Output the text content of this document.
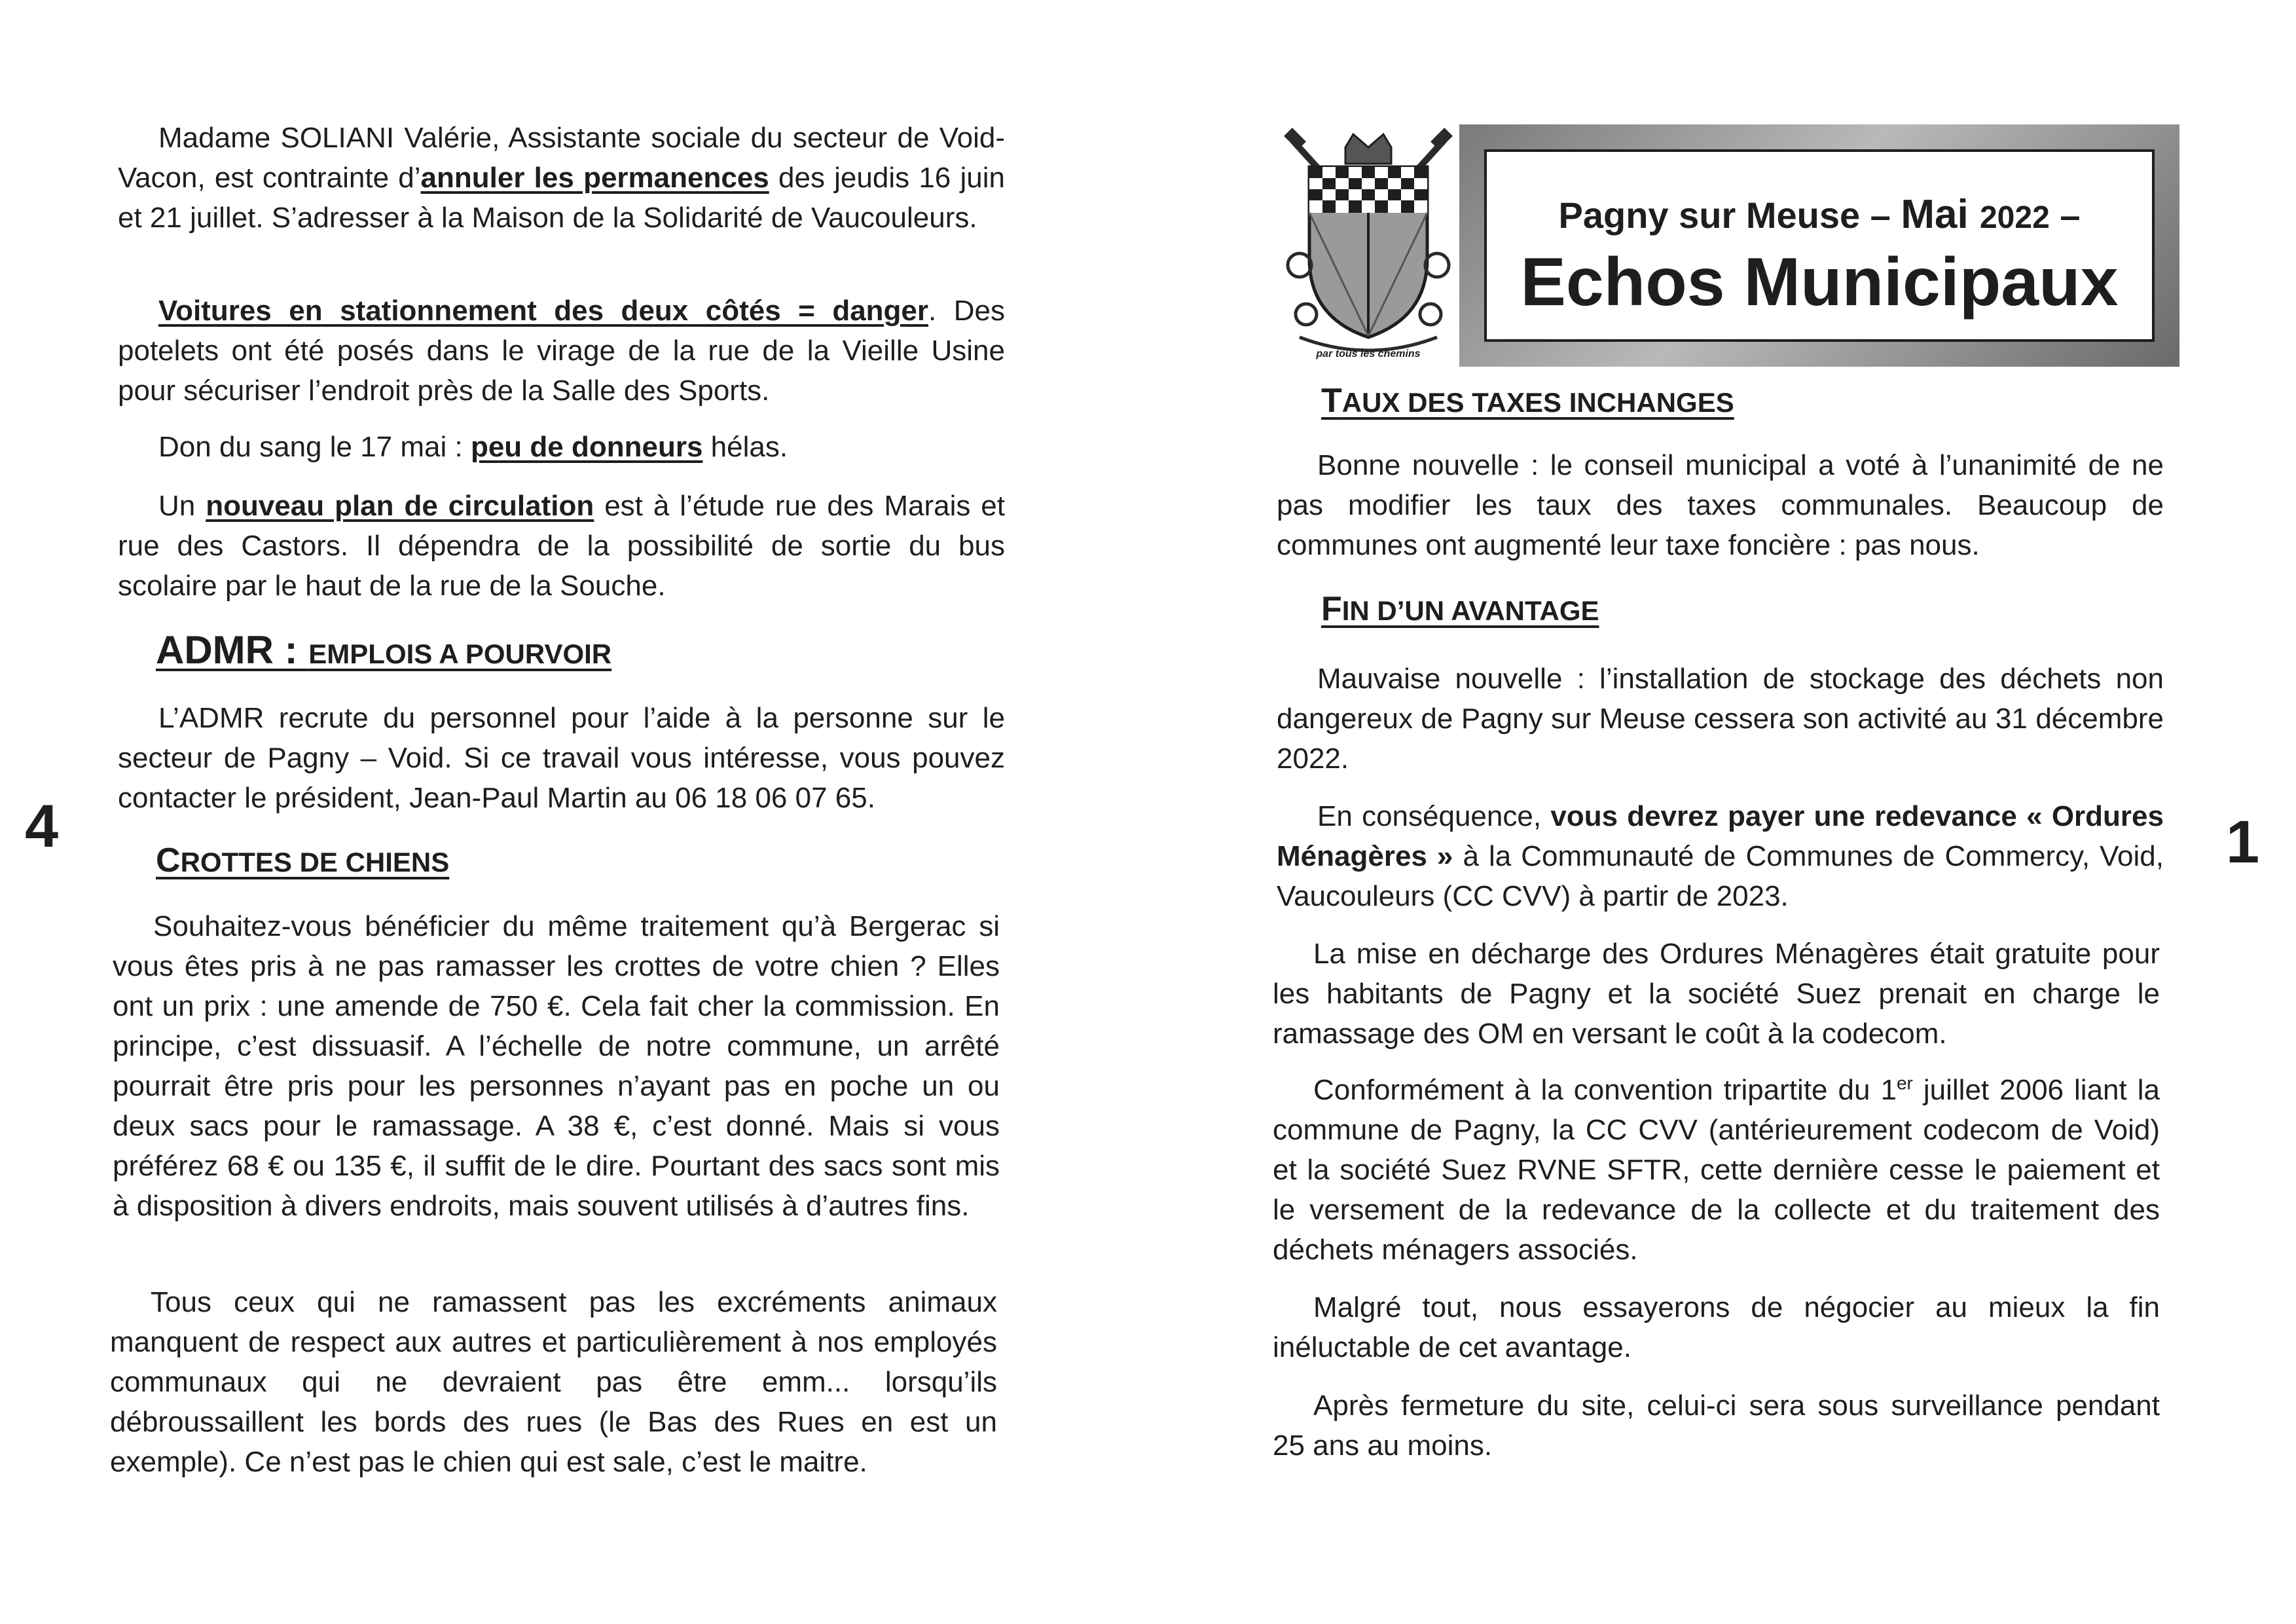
Madame SOLIANI Valérie, Assistante sociale du secteur de Void-Vacon, est contrainte d’annuler les permanences des jeudis 16 juin et 21 juillet. S’adresser à la Maison de la Solidarité de Vaucouleurs.

Voitures en stationnement des deux côtés = danger. Des potelets ont été posés dans le virage de la rue de la Vieille Usine pour sécuriser l’endroit près de la Salle des Sports.

Don du sang le 17 mai : peu de donneurs hélas.

Un nouveau plan de circulation est à l’étude rue des Marais et rue des Castors. Il dépendra de la possibilité de sortie du bus scolaire par le haut de la rue de la Souche.

ADMR : EMPLOIS A POURVOIR

L’ADMR recrute du personnel pour l’aide à la personne sur le secteur de Pagny – Void. Si ce travail vous intéresse, vous pouvez contacter le président, Jean-Paul Martin au 06 18 06 07 65.

4
CROTTES DE CHIENS

Souhaitez-vous bénéficier du même traitement qu’à Bergerac si vous êtes pris à ne pas ramasser les crottes de votre chien ? Elles ont un prix : une amende de 750 €. Cela fait cher la commission. En principe, c’est dissuasif. A l’échelle de notre commune, un arrêté pourrait être pris pour les personnes n’ayant pas en poche un ou deux sacs pour le ramassage. A 38 €, c’est donné. Mais si vous préférez 68 € ou 135 €, il suffit de le dire. Pourtant des sacs sont mis à disposition à divers endroits, mais souvent utilisés à d’autres fins.

Tous ceux qui ne ramassent pas les excréments animaux manquent de respect aux autres et particulièrement à nos employés communaux qui ne devraient pas être emm... lorsqu’ils débroussaillent les bords des rues (le Bas des Rues en est un exemple). Ce n’est pas le chien qui est sale, c’est le maitre.

par tous les chemins
Pagny sur Meuse – Mai 2022 –
Echos Municipaux
TAUX DES TAXES INCHANGES

Bonne nouvelle : le conseil municipal a voté à l’unanimité de ne pas modifier les taux des taxes communales. Beaucoup de communes ont augmenté leur taxe foncière : pas nous.

FIN D’UN AVANTAGE

Mauvaise nouvelle : l’installation de stockage des déchets non dangereux de Pagny sur Meuse cessera son activité au 31 décembre 2022.

En conséquence, vous devrez payer une redevance « Ordures Ménagères » à la Communauté de Communes de Commercy, Void, Vaucouleurs (CC CVV) à partir de 2023.

1

La mise en décharge des Ordures Ménagères était gratuite pour les habitants de Pagny et la société Suez prenait en charge le ramassage des OM en versant le coût à la codecom.

Conformément à la convention tripartite du 1er juillet 2006 liant la commune de Pagny, la CC CVV (antérieurement codecom de Void) et la société Suez RVNE SFTR, cette dernière cesse le paiement et le versement de la redevance de la collecte et du traitement des déchets ménagers associés.

Malgré tout, nous essayerons de négocier au mieux la fin inéluctable de cet avantage.

Après fermeture du site, celui-ci sera sous surveillance pendant 25 ans au moins.
